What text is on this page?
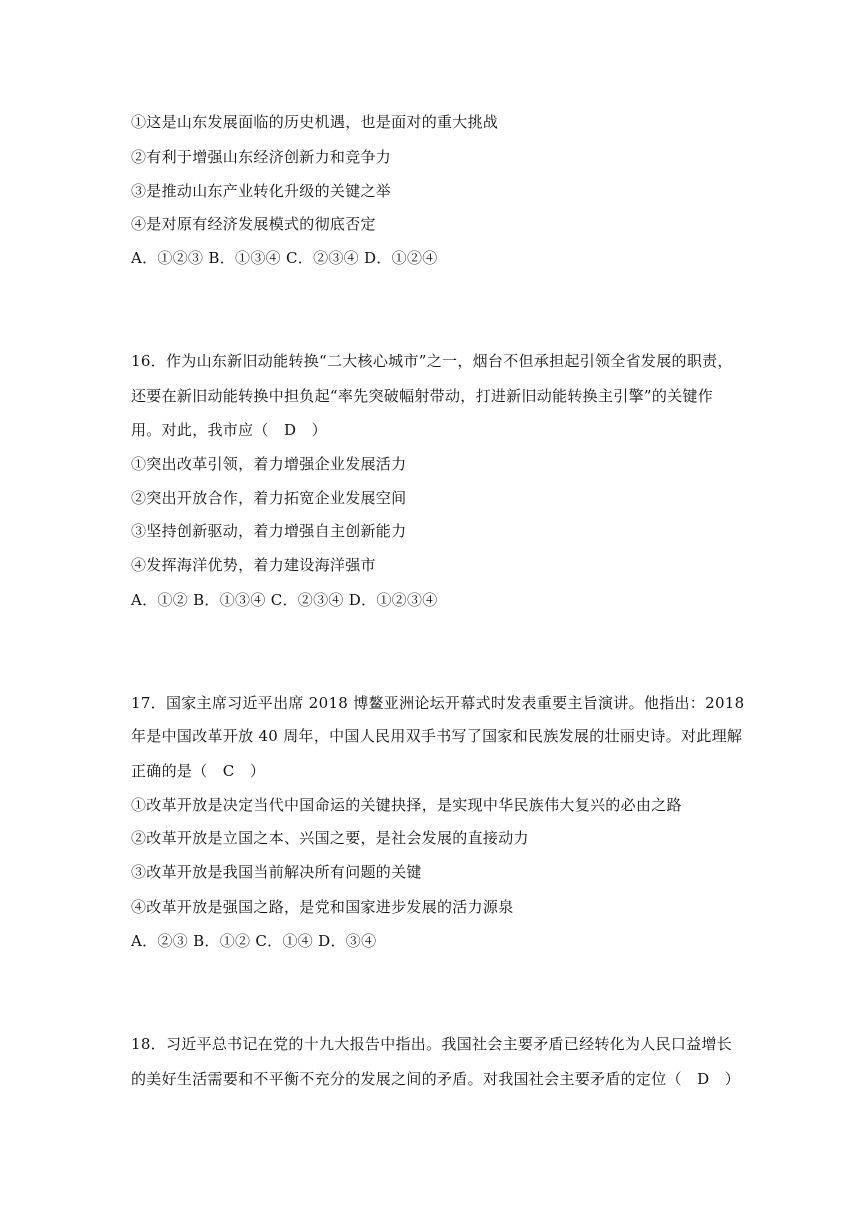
①这是山东发展面临的历史机遇，也是面对的重大挑战
②有利于增强山东经济创新力和竞争力
③是推动山东产业转化升级的关键之举
④是对原有经济发展模式的彻底否定
A．①②③ B．①③④ C．②③④ D．①②④
16．作为山东新旧动能转换“二大核心城市”之一，烟台不但承担起引领全省发展的职责，
还要在新旧动能转换中担负起“率先突破幅射带动，打进新旧动能转换主引擎”的关键作
用。对此，我市应（　D　）
①突出改革引领，着力增强企业发展活力
②突出开放合作，着力拓宽企业发展空间
③坚持创新驱动，着力增强自主创新能力
④发挥海洋优势，着力建设海洋强市
A．①② B．①③④ C．②③④ D．①②③④
17．国家主席习近平出席 2018 博鳌亚洲论坛开幕式时发表重要主旨演讲。他指出：2018
年是中国改革开放 40 周年，中国人民用双手书写了国家和民族发展的壮丽史诗。对此理解
正确的是（　C　）
①改革开放是决定当代中国命运的关键抉择，是实现中华民族伟大复兴的必由之路
②改革开放是立国之本、兴国之要，是社会发展的直接动力
③改革开放是我国当前解决所有问题的关键
④改革开放是强国之路，是党和国家进步发展的活力源泉
A．②③ B．①② C．①④ D．③④
18．习近平总书记在党的十九大报告中指出。我国社会主要矛盾已经转化为人民口益增长
的美好生活需要和不平衡不充分的发展之间的矛盾。对我国社会主要矛盾的定位（　D　）
